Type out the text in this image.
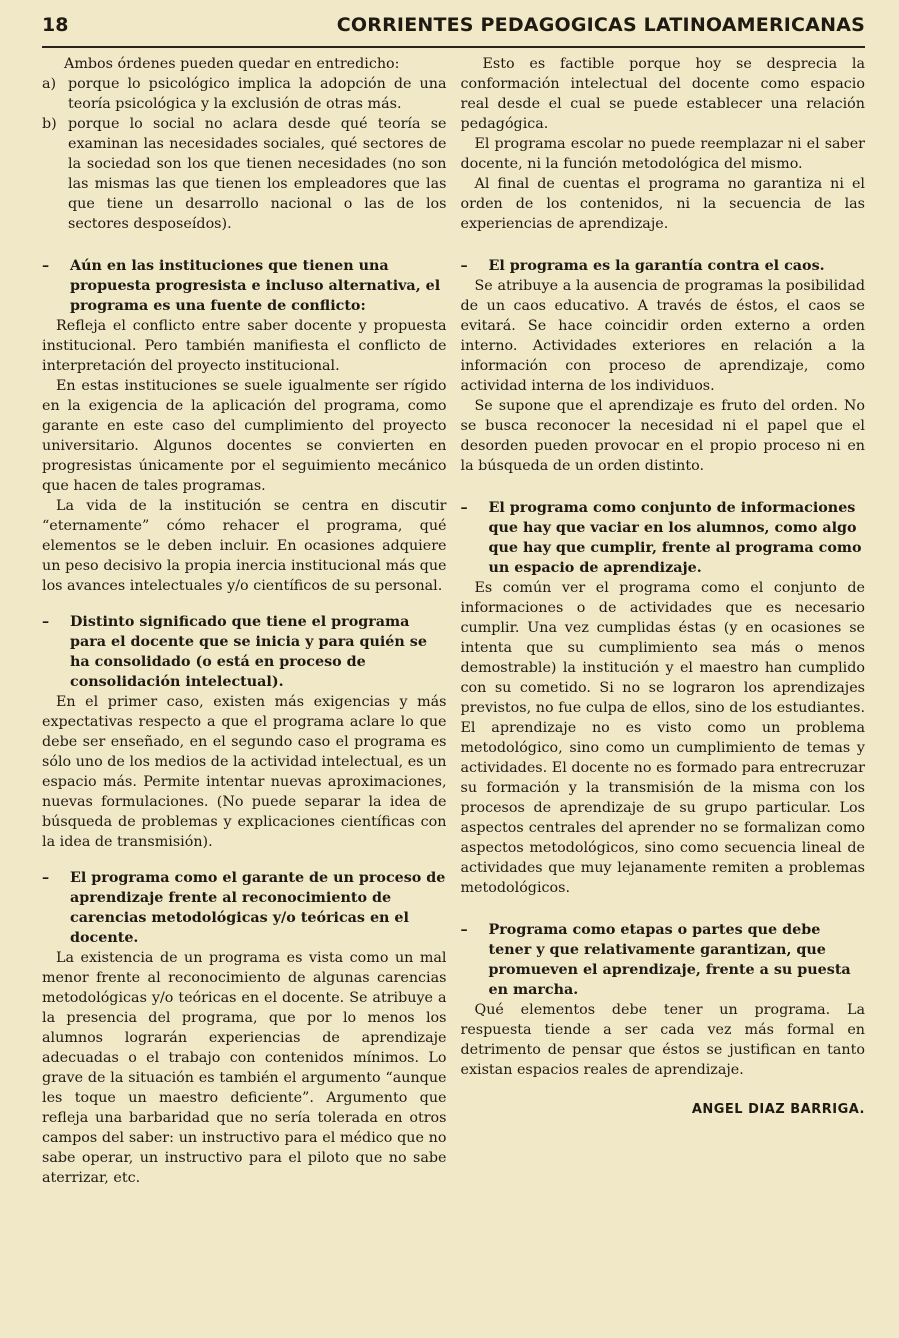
18	CORRIENTES PEDAGOGICAS LATINOAMERICANAS

Ambos órdenes pueden quedar en entredicho:

a) porque lo psicológico implica la adopción de una teoría psicológica y la exclusión de otras más.
b) porque lo social no aclara desde qué teoría se examinan las necesidades sociales, qué sectores de la sociedad son los que tienen necesidades (no son las mismas las que tienen los empleadores que las que tiene un desarrollo nacional o las de los sectores desposeídos).
–	Aún en las instituciones que tienen una propuesta progresista e incluso alternativa, el programa es una fuente de conflicto:

Refleja el conflicto entre saber docente y propuesta institucional. Pero también manifiesta el conflicto de interpretación del proyecto institucional.

En estas instituciones se suele igualmente ser rígido en la exigencia de la aplicación del programa, como garante en este caso del cumplimiento del proyecto universitario. Algunos docentes se convierten en progresistas únicamente por el seguimiento mecánico que hacen de tales programas.

La vida de la institución se centra en discutir “eternamente” cómo rehacer el programa, qué elementos se le deben incluir. En ocasiones adquiere un peso decisivo la propia inercia institucional más que los avances intelectuales y/o científicos de su personal.

–	Distinto significado que tiene el programa para el docente que se inicia y para quién se ha consolidado (o está en proceso de consolidación intelectual).

En el primer caso, existen más exigencias y más expectativas respecto a que el programa aclare lo que debe ser enseñado, en el segundo caso el programa es sólo uno de los medios de la actividad intelectual, es un espacio más. Permite intentar nuevas aproximaciones, nuevas formulaciones. (No puede separar la idea de búsqueda de problemas y explicaciones científicas con la idea de transmisión).

–	El programa como el garante de un proceso de aprendizaje frente al reconocimiento de carencias metodológicas y/o teóricas en el docente.

La existencia de un programa es vista como un mal menor frente al reconocimiento de algunas carencias metodológicas y/o teóricas en el docente. Se atribuye a la presencia del programa, que por lo menos los alumnos lograrán experiencias de aprendizaje adecuadas o el trabajo con contenidos mínimos. Lo grave de la situación es también el argumento “aunque les toque un maestro deficiente”. Argumento que refleja una barbaridad que no sería tolerada en otros campos del saber: un instructivo para el médico que no sabe operar, un instructivo para el piloto que no sabe aterrizar, etc.

Esto es factible porque hoy se desprecia la conformación intelectual del docente como espacio real desde el cual se puede establecer una relación pedagógica.

El programa escolar no puede reemplazar ni el saber docente, ni la función metodológica del mismo.

Al final de cuentas el programa no garantiza ni el orden de los contenidos, ni la secuencia de las experiencias de aprendizaje.

–	El programa es la garantía contra el caos.

Se atribuye a la ausencia de programas la posibilidad de un caos educativo. A través de éstos, el caos se evitará. Se hace coincidir orden externo a orden interno. Actividades exteriores en relación a la información con proceso de aprendizaje, como actividad interna de los individuos.

Se supone que el aprendizaje es fruto del orden. No se busca reconocer la necesidad ni el papel que el desorden pueden provocar en el propio proceso ni en la búsqueda de un orden distinto.

–	El programa como conjunto de informaciones que hay que vaciar en los alumnos, como algo que hay que cumplir, frente al programa como un espacio de aprendizaje.

Es común ver el programa como el conjunto de informaciones o de actividades que es necesario cumplir. Una vez cumplidas éstas (y en ocasiones se intenta que su cumplimiento sea más o menos demostrable) la institución y el maestro han cumplido con su cometido. Si no se lograron los aprendizajes previstos, no fue culpa de ellos, sino de los estudiantes. El aprendizaje no es visto como un problema metodológico, sino como un cumplimiento de temas y actividades. El docente no es formado para entrecruzar su formación y la transmisión de la misma con los procesos de aprendizaje de su grupo particular. Los aspectos centrales del aprender no se formalizan como aspectos metodológicos, sino como secuencia lineal de actividades que muy lejanamente remiten a problemas metodológicos.

–	Programa como etapas o partes que debe tener y que relativamente garantizan, que promueven el aprendizaje, frente a su puesta en marcha.

Qué elementos debe tener un programa. La respuesta tiende a ser cada vez más formal en detrimento de pensar que éstos se justifican en tanto existan espacios reales de aprendizaje.

ANGEL DIAZ BARRIGA.
